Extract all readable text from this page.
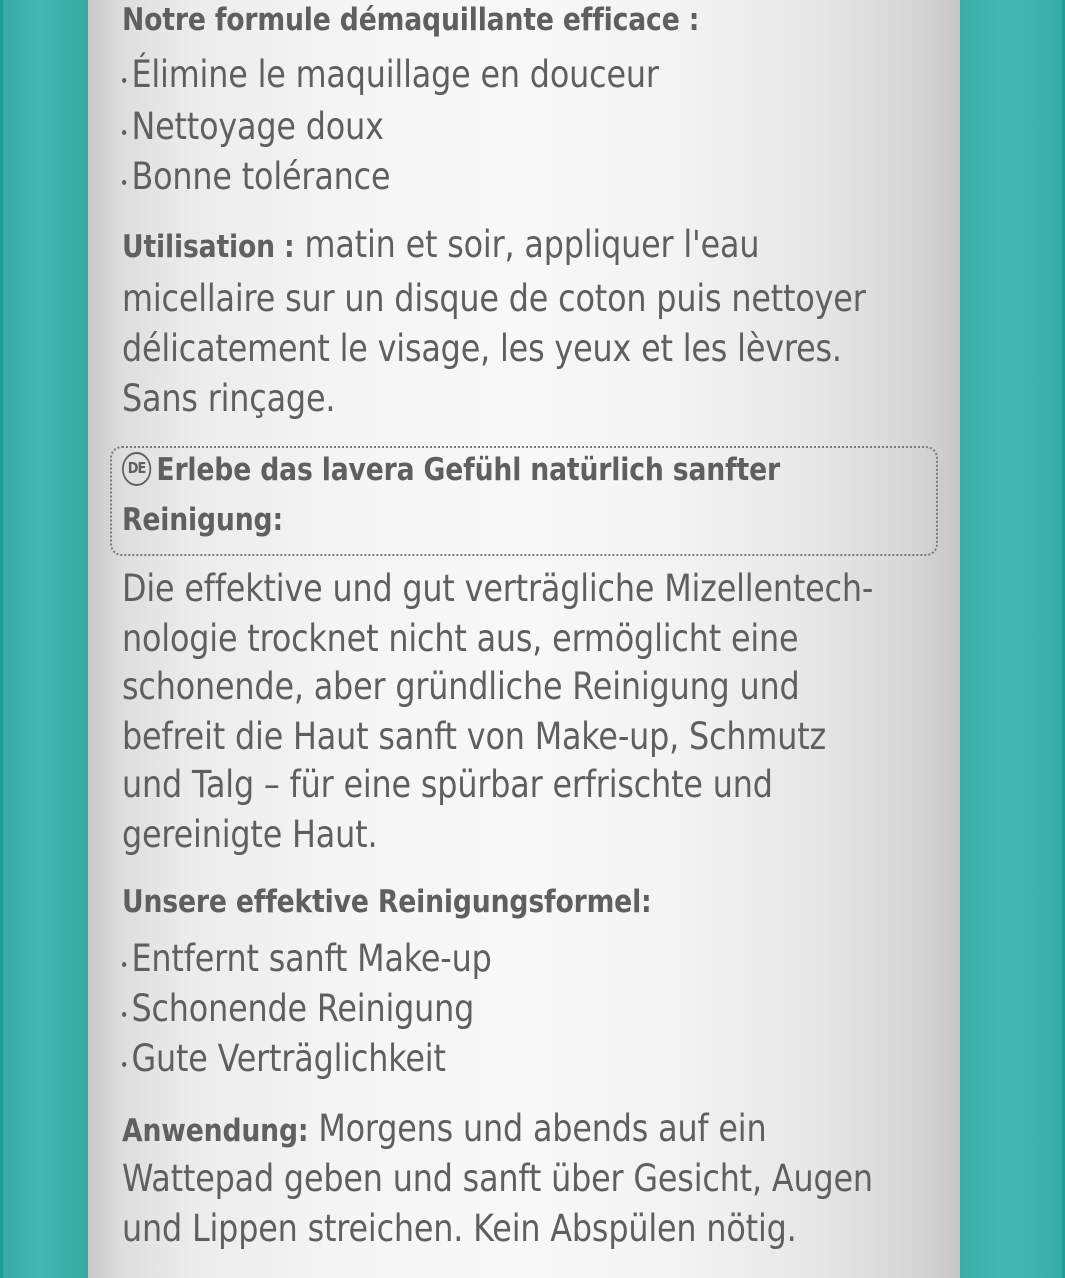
Notre formule démaquillante efficace :
Élimine le maquillage en douceur
Nettoyage doux
Bonne tolérance
Utilisation : matin et soir, appliquer l'eau
micellaire sur un disque de coton puis nettoyer
délicatement le visage, les yeux et les lèvres.
Sans rinçage.
DE Erlebe das lavera Gefühl natürlich sanfter
Reinigung:
Die effektive und gut verträgliche Mizellentech-
nologie trocknet nicht aus, ermöglicht eine
schonende, aber gründliche Reinigung und
befreit die Haut sanft von Make-up, Schmutz
und Talg – für eine spürbar erfrischte und
gereinigte Haut.
Unsere effektive Reinigungsformel:
Entfernt sanft Make-up
Schonende Reinigung
Gute Verträglichkeit
Anwendung: Morgens und abends auf ein
Wattepad geben und sanft über Gesicht, Augen
und Lippen streichen. Kein Abspülen nötig.
